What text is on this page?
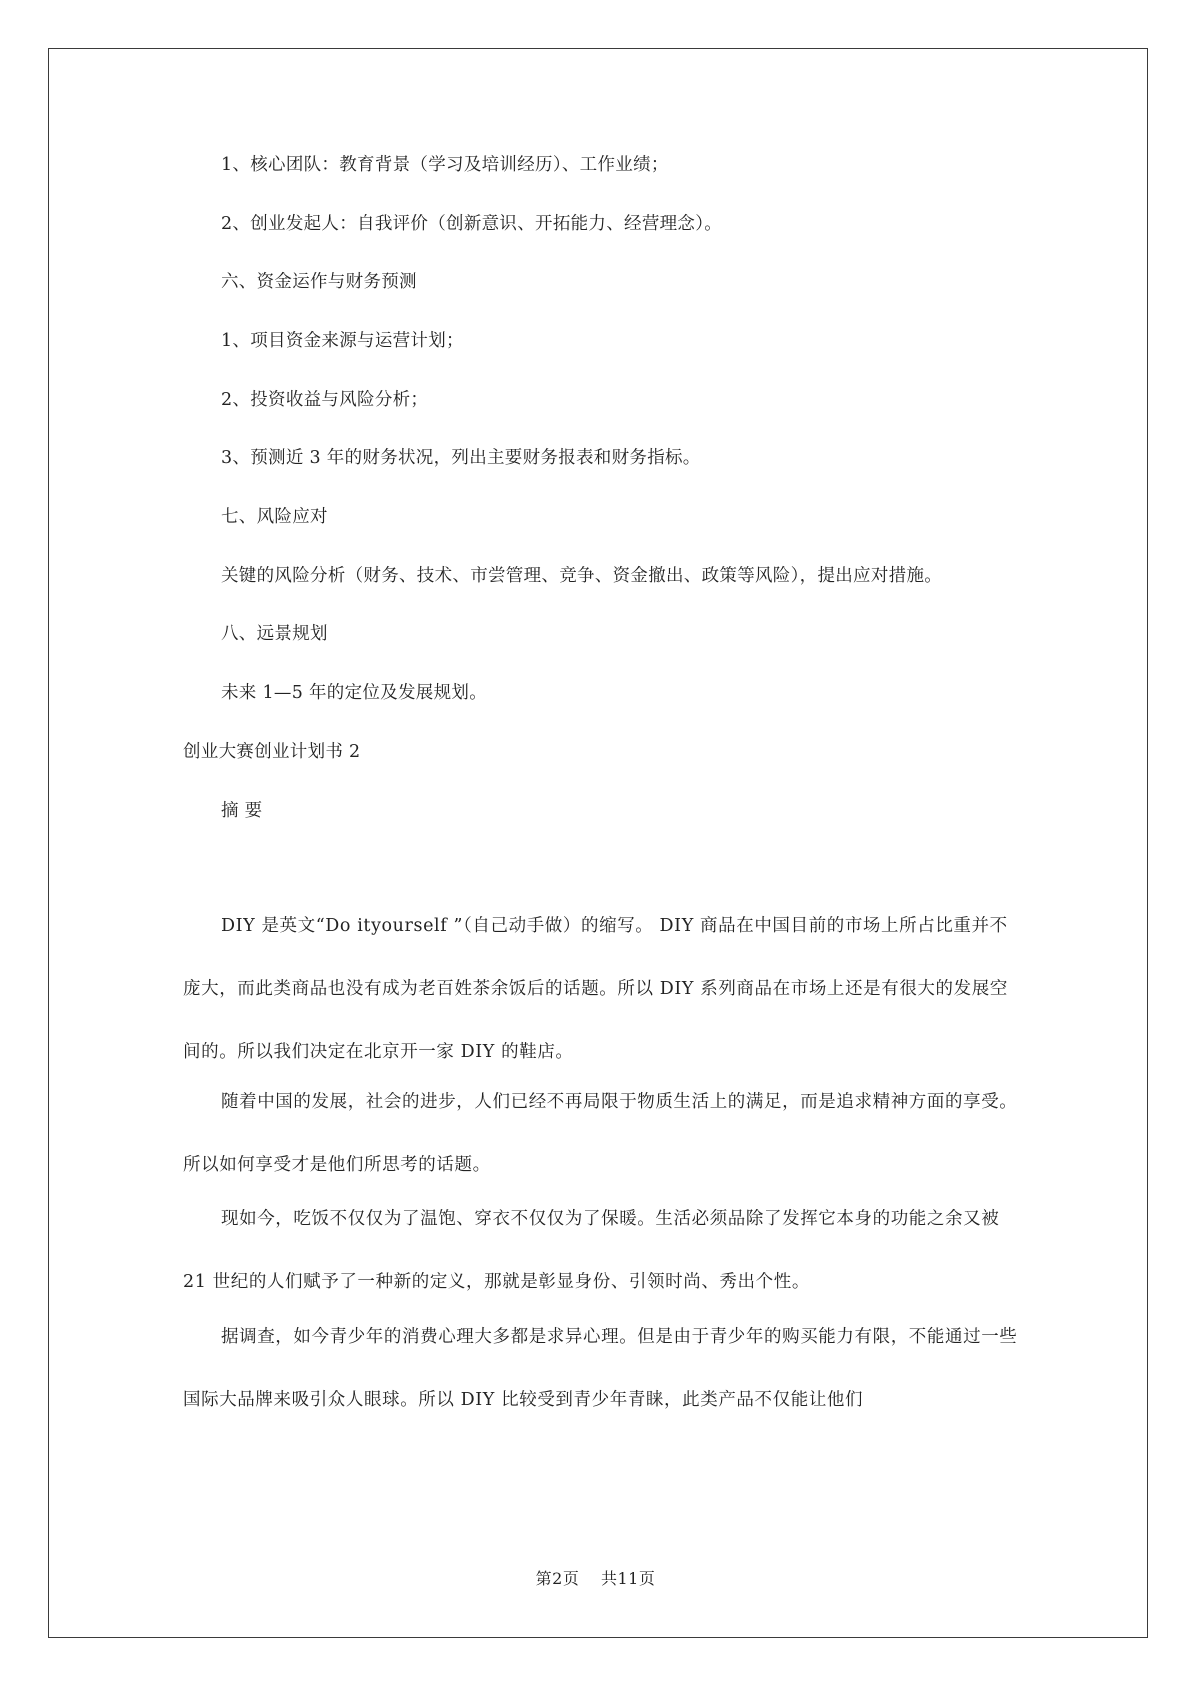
1、核心团队：教育背景（学习及培训经历）、工作业绩；
2、创业发起人：自我评价（创新意识、开拓能力、经营理念）。
六、资金运作与财务预测
1、项目资金来源与运营计划；
2、投资收益与风险分析；
3、预测近 3 年的财务状况，列出主要财务报表和财务指标。
七、风险应对
关键的风险分析（财务、技术、市尝管理、竞争、资金撤出、政策等风险），提出应对措施。
八、远景规划
未来 1—5 年的定位及发展规划。
创业大赛创业计划书 2
摘 要
DIY 是英文“Do ityourself ”（自己动手做）的缩写。 DIY 商品在中国目前的市场上所占比重并不庞大，而此类商品也没有成为老百姓茶余饭后的话题。所以 DIY 系列商品在市场上还是有很大的发展空间的。所以我们决定在北京开一家 DIY 的鞋店。
随着中国的发展，社会的进步，人们已经不再局限于物质生活上的满足，而是追求精神方面的享受。所以如何享受才是他们所思考的话题。
现如今，吃饭不仅仅为了温饱、穿衣不仅仅为了保暖。生活必须品除了发挥它本身的功能之余又被 21 世纪的人们赋予了一种新的定义，那就是彰显身份、引领时尚、秀出个性。
据调查，如今青少年的消费心理大多都是求异心理。但是由于青少年的购买能力有限，不能通过一些国际大品牌来吸引众人眼球。所以 DIY 比较受到青少年青睐，此类产品不仅能让他们
第2页 共11页
